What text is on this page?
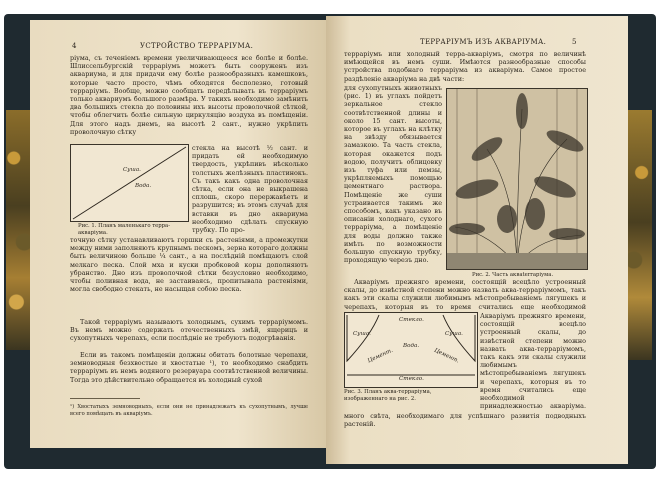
4	УСТРОЙСТВО ТЕРРАРІУМА.
ріума, съ теченіемъ времени увеличивающееся все болѣе и болѣе. Шлиссельбургскій террарiумъ можетъ быть сооруженъ изъ аквариума, и для придачи ему болѣе разнообразныхъ камешковъ, которые часто просто, чѣмъ обходятся бесполезно, готовый террарiумъ. Вообще, можно сообщать передѣлывать въ террарiумъ только аквариумъ большого размѣра. У такихъ необходимо замѣнить два большихъ стекла до половины ихъ высоты проволочной сѣткой, чтобы облегчить болѣе сильную циркуляцію воздуха въ помѣщеніи. Для этого надъ днемъ, на высотѣ 2 сант., нужно укрѣпить проволочную сѣтку
Суша.
Вода.
Рис. 1. Планъ маленькаго терра-акваріума.
стекла на высотѣ ½ сант. и придать ей необходимую твердость, укрѣпивъ нѣсколько толстыхъ желѣзныхъ пластинокъ. Съ такъ какъ одна проволочная сѣтка, если она не выкрашена сплошь, скоро перержавѣетъ и разрушится; въ этомъ случаѣ для вставки въ дно аквариума необходимо сдѣлать спускную трубку. По про-
точную сѣтку устанавливаютъ горшки съ растеніями, а промежутки между ними заполняютъ крупнымъ пескомъ, зерна котораго должны быть величиною больше ¼ сант., а на послѣдній помѣщаютъ слой мелкаго песка. Слой мха и куски пробковой коры дополняютъ убранство. Дно изъ проволочной сѣтки безусловно необходимо, чтобы поливная вода, не застаиваясь, пропитывала растеніями, могла свободно стекать, не насыщая собою песка.
Такой террарiумъ называютъ холоднымъ, сухимъ террарiумомъ. Въ немъ можно содержать отечественныхъ змѣй, ящерицъ и сухопутныхъ черепахъ, если послѣдніе не требуютъ подогрѣванія.
Если въ такомъ помѣщеніи должны обитать болотные черепахи, земноводныя безхвостые и хвостатые ¹), то необходимо снабдить террарiумъ въ немъ водяного резервуара соотвѣтственной величины. Тогда это дѣйствительно обращается въ холодный сухой
¹) Хвостатыхъ земноводныхъ, если они не принадлежатъ къ сухопутнымъ, лучше всего помѣщать въ акваріумъ.
ТЕРРАРІУМЪ ИЗЪ АКВАРІУМА.	5
террарiумъ или холодный терра-акваріумъ, смотря по величинѣ имѣющейся въ немъ суши. Имѣются разнообразные способы устройства подобнаго террарiума из акваріума. Самое простое раздѣленіе акваріума на двѣ части:
для сухопутныхъ животныхъ (рис. 1) въ углахъ пойдетъ зеркальное стекло соотвѣтственной длины и около 15 сант. высоты, которое въ углахъ на клѣтку на звѣзду обязывается замазкою. Та часть стекла, которая окажется подъ водою, получитъ облицовку изъ туфа или пемзы, укрѣпляемыхъ помощью цементнаго раствора. Помѣщеніе же суши устраивается такимъ же способомъ, какъ указано въ описаніи холоднаго, сухого террарiума, а помѣщеніе для воды должно также имѣть по возможности большую спускную трубку, проходящую черезъ дно.
Рис. 2. Часть акваterrаріума.
Акваріумъ прежняго времени, состоящій всецѣло устроенный скалы, до извѣстной степени можно назвать аква-терраріумомъ, такъ какъ эти скалы служили любимымъ мѣстопребываніемъ лягушекъ и черепахъ, которыя въ то время считались еще необходимой
Стекло.
Суша.
Вода.
Цемент.	Цемент.
Суша.
Стекло.
Рис. 3. Планъ аква-террарiума, изображеннаго на рис. 2.
Акваріумъ прежняго времени, состоящій всецѣло устроенный скалы, до извѣстной степени можно назвать аква-терраріумомъ, такъ какъ эти скалы служили любимымъ мѣстопребываніемъ лягушекъ и черепахъ, которыя въ то время считались еще необходимой принадлежностью акваріума.
много свѣта, необходимаго для успѣшнаго развитія подводныхъ растеній.
